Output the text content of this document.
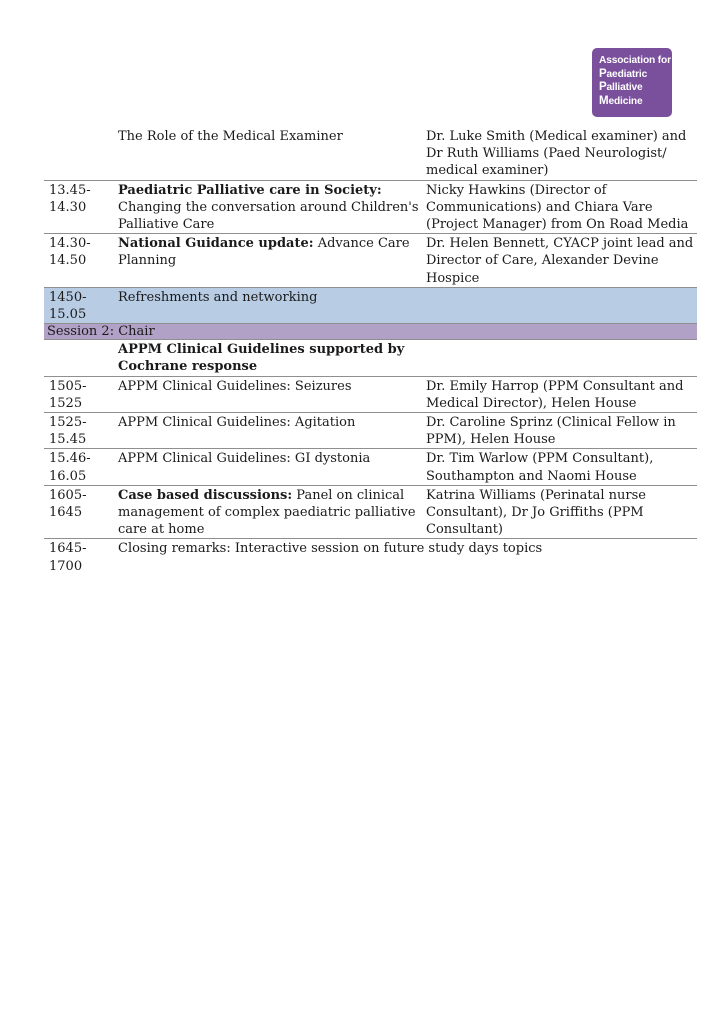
Association for
Paediatric
Palliative
Medicine
	The Role of the Medical Examiner	Dr. Luke Smith (Medical examiner) and Dr Ruth Williams (Paed Neurologist/ medical examiner)
13.45-14.30	Paediatric Palliative care in Society: Changing the conversation around Children's Palliative Care	Nicky Hawkins (Director of Communications) and Chiara Vare (Project Manager) from On Road Media
14.30-14.50	National Guidance update: Advance Care Planning	Dr. Helen Bennett, CYACP joint lead and Director of Care, Alexander Devine Hospice
1450-15.05	Refreshments and networking	
Session 2: Chair		
	APPM Clinical Guidelines supported by Cochrane response	
1505-1525	APPM Clinical Guidelines: Seizures	Dr. Emily Harrop (PPM Consultant and Medical Director), Helen House
1525-15.45	APPM Clinical Guidelines: Agitation	Dr. Caroline Sprinz (Clinical Fellow in PPM), Helen House
15.46-16.05	APPM Clinical Guidelines: GI dystonia	Dr. Tim Warlow (PPM Consultant), Southampton and Naomi House
1605-1645	Case based discussions: Panel on clinical management of complex paediatric palliative care at home	Katrina Williams (Perinatal nurse Consultant), Dr Jo Griffiths (PPM Consultant)
1645-1700	Closing remarks: Interactive session on future study days topics	
